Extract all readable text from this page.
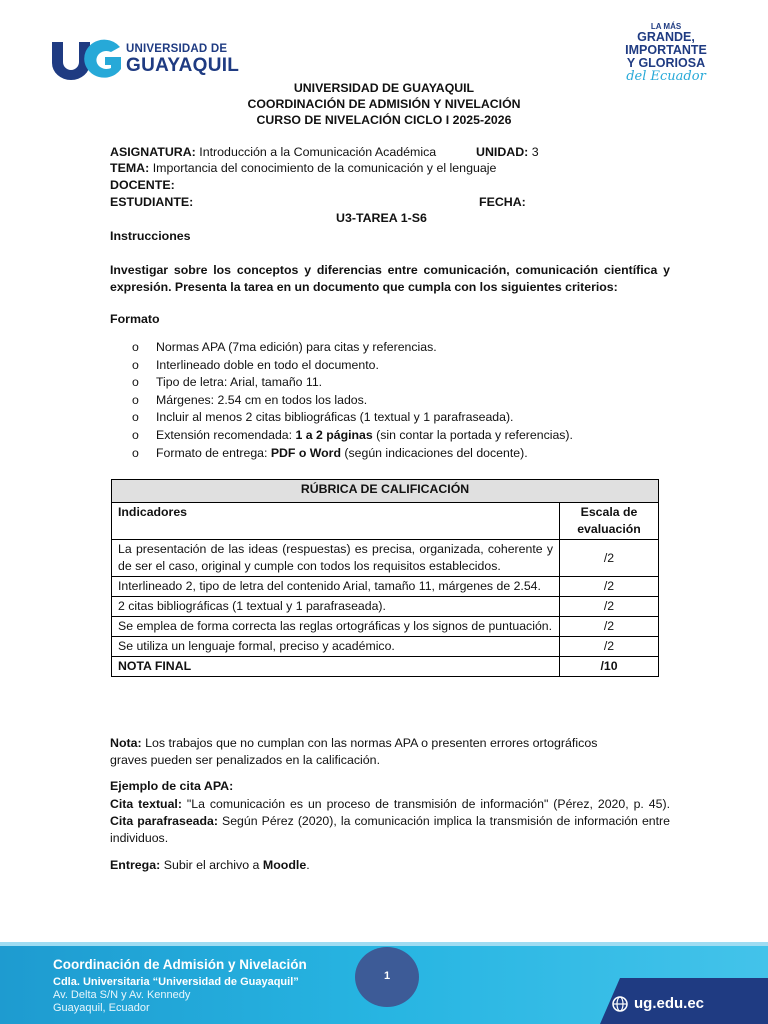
UNIVERSIDAD DE
GUAYAQUIL
LA MÁS
GRANDE,
IMPORTANTE
Y GLORIOSA
del Ecuador
UNIVERSIDAD DE GUAYAQUIL
COORDINACIÓN DE ADMISIÓN Y NIVELACIÓN
CURSO DE NIVELACIÓN CICLO I 2025-2026
ASIGNATURA: Introducción a la Comunicación Académica	UNIDAD: 3
TEMA: Importancia del conocimiento de la comunicación y el lenguaje
DOCENTE:
ESTUDIANTE:	FECHA:
U3-TAREA 1-S6
Instrucciones
Investigar sobre los conceptos y diferencias entre comunicación, comunicación científica y expresión. Presenta la tarea en un documento que cumpla con los siguientes criterios:
Formato
o Normas APA (7ma edición) para citas y referencias.
o Interlineado doble en todo el documento.
o Tipo de letra: Arial, tamaño 11.
o Márgenes: 2.54 cm en todos los lados.
o Incluir al menos 2 citas bibliográficas (1 textual y 1 parafraseada).
o Extensión recomendada: 1 a 2 páginas (sin contar la portada y referencias).
o Formato de entrega: PDF o Word (según indicaciones del docente).
RÚBRICA DE CALIFICACIÓN	
Indicadores	Escala de evaluación
La presentación de las ideas (respuestas) es precisa, organizada, coherente y de ser el caso, original y cumple con todos los requisitos establecidos.	/2
Interlineado 2, tipo de letra del contenido Arial, tamaño 11, márgenes de 2.54.	/2
2 citas bibliográficas (1 textual y 1 parafraseada).	/2
Se emplea de forma correcta las reglas ortográficas y los signos de puntuación.	/2
Se utiliza un lenguaje formal, preciso y académico.	/2
NOTA FINAL	/10
Nota: Los trabajos que no cumplan con las normas APA o presenten errores ortográficos graves pueden ser penalizados en la calificación.
Ejemplo de cita APA:
Cita textual: "La comunicación es un proceso de transmisión de información" (Pérez, 2020, p. 45). Cita parafraseada: Según Pérez (2020), la comunicación implica la transmisión de información entre individuos.
Entrega: Subir el archivo a Moodle.
Coordinación de Admisión y Nivelación
Cdla. Universitaria “Universidad de Guayaquil”
Av. Delta S/N y Av. Kennedy
Guayaquil, Ecuador
1
ug.edu.ec
